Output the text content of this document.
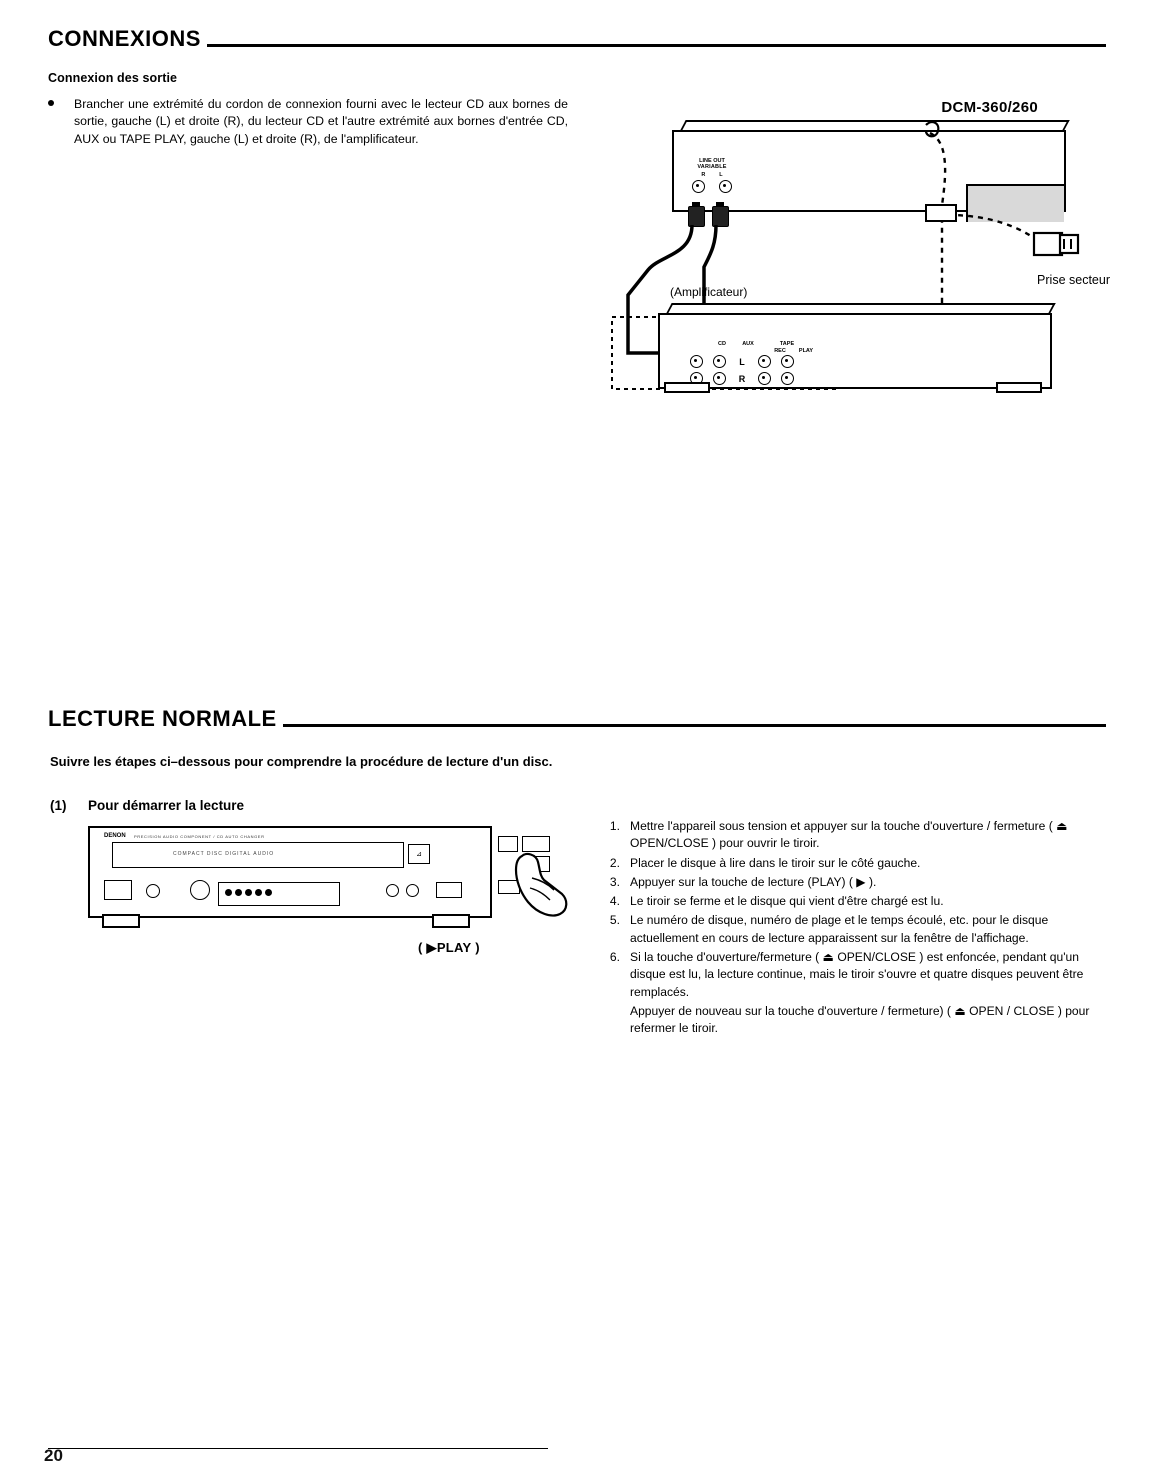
CONNEXIONS
Connexion des sortie
Brancher une extrémité du cordon de connexion fourni avec le lecteur CD aux bornes de sortie, gauche (L) et droite (R), du lecteur CD et l'autre extrémité aux bornes d'entrée CD, AUX ou TAPE PLAY, gauche (L) et droite (R), de l'amplificateur.
DCM-360/260
LINE OUT
VARIABLE
R	L
(Amplificateur)
CD	AUX	TAPE
REC	PLAY
L
R
Prise secteur
LECTURE NORMALE
Suivre les étapes ci–dessous pour comprendre la procédure de lecture d'un disc.
(1) Pour démarrer la lecture
DENON PRECISION AUDIO COMPONENT / CD AUTO CHANGER
COMPACT DISC DIGITAL AUDIO	⊿
( ▶PLAY )
1. Mettre l'appareil sous tension et appuyer sur la touche d'ouverture / fermeture ( ⏏ OPEN/CLOSE ) pour ouvrir le tiroir.

2. Placer le disque à lire dans le tiroir sur le côté gauche.

3. Appuyer sur la touche de lecture (PLAY) ( ▶ ).

4. Le tiroir se ferme et le disque qui vient d'être chargé est lu.

5. Le numéro de disque, numéro de plage et le temps écoulé, etc. pour le disque actuellement en cours de lecture apparaissent sur la fenêtre de l'affichage.

6. Si la touche d'ouverture/fermeture ( ⏏ OPEN/CLOSE ) est enfoncée, pendant qu'un disque est lu, la lecture continue, mais le tiroir s'ouvre et quatre disques peuvent être remplacés.

Appuyer de nouveau sur la touche d'ouverture / fermeture) ( ⏏ OPEN / CLOSE ) pour refermer le tiroir.

20
